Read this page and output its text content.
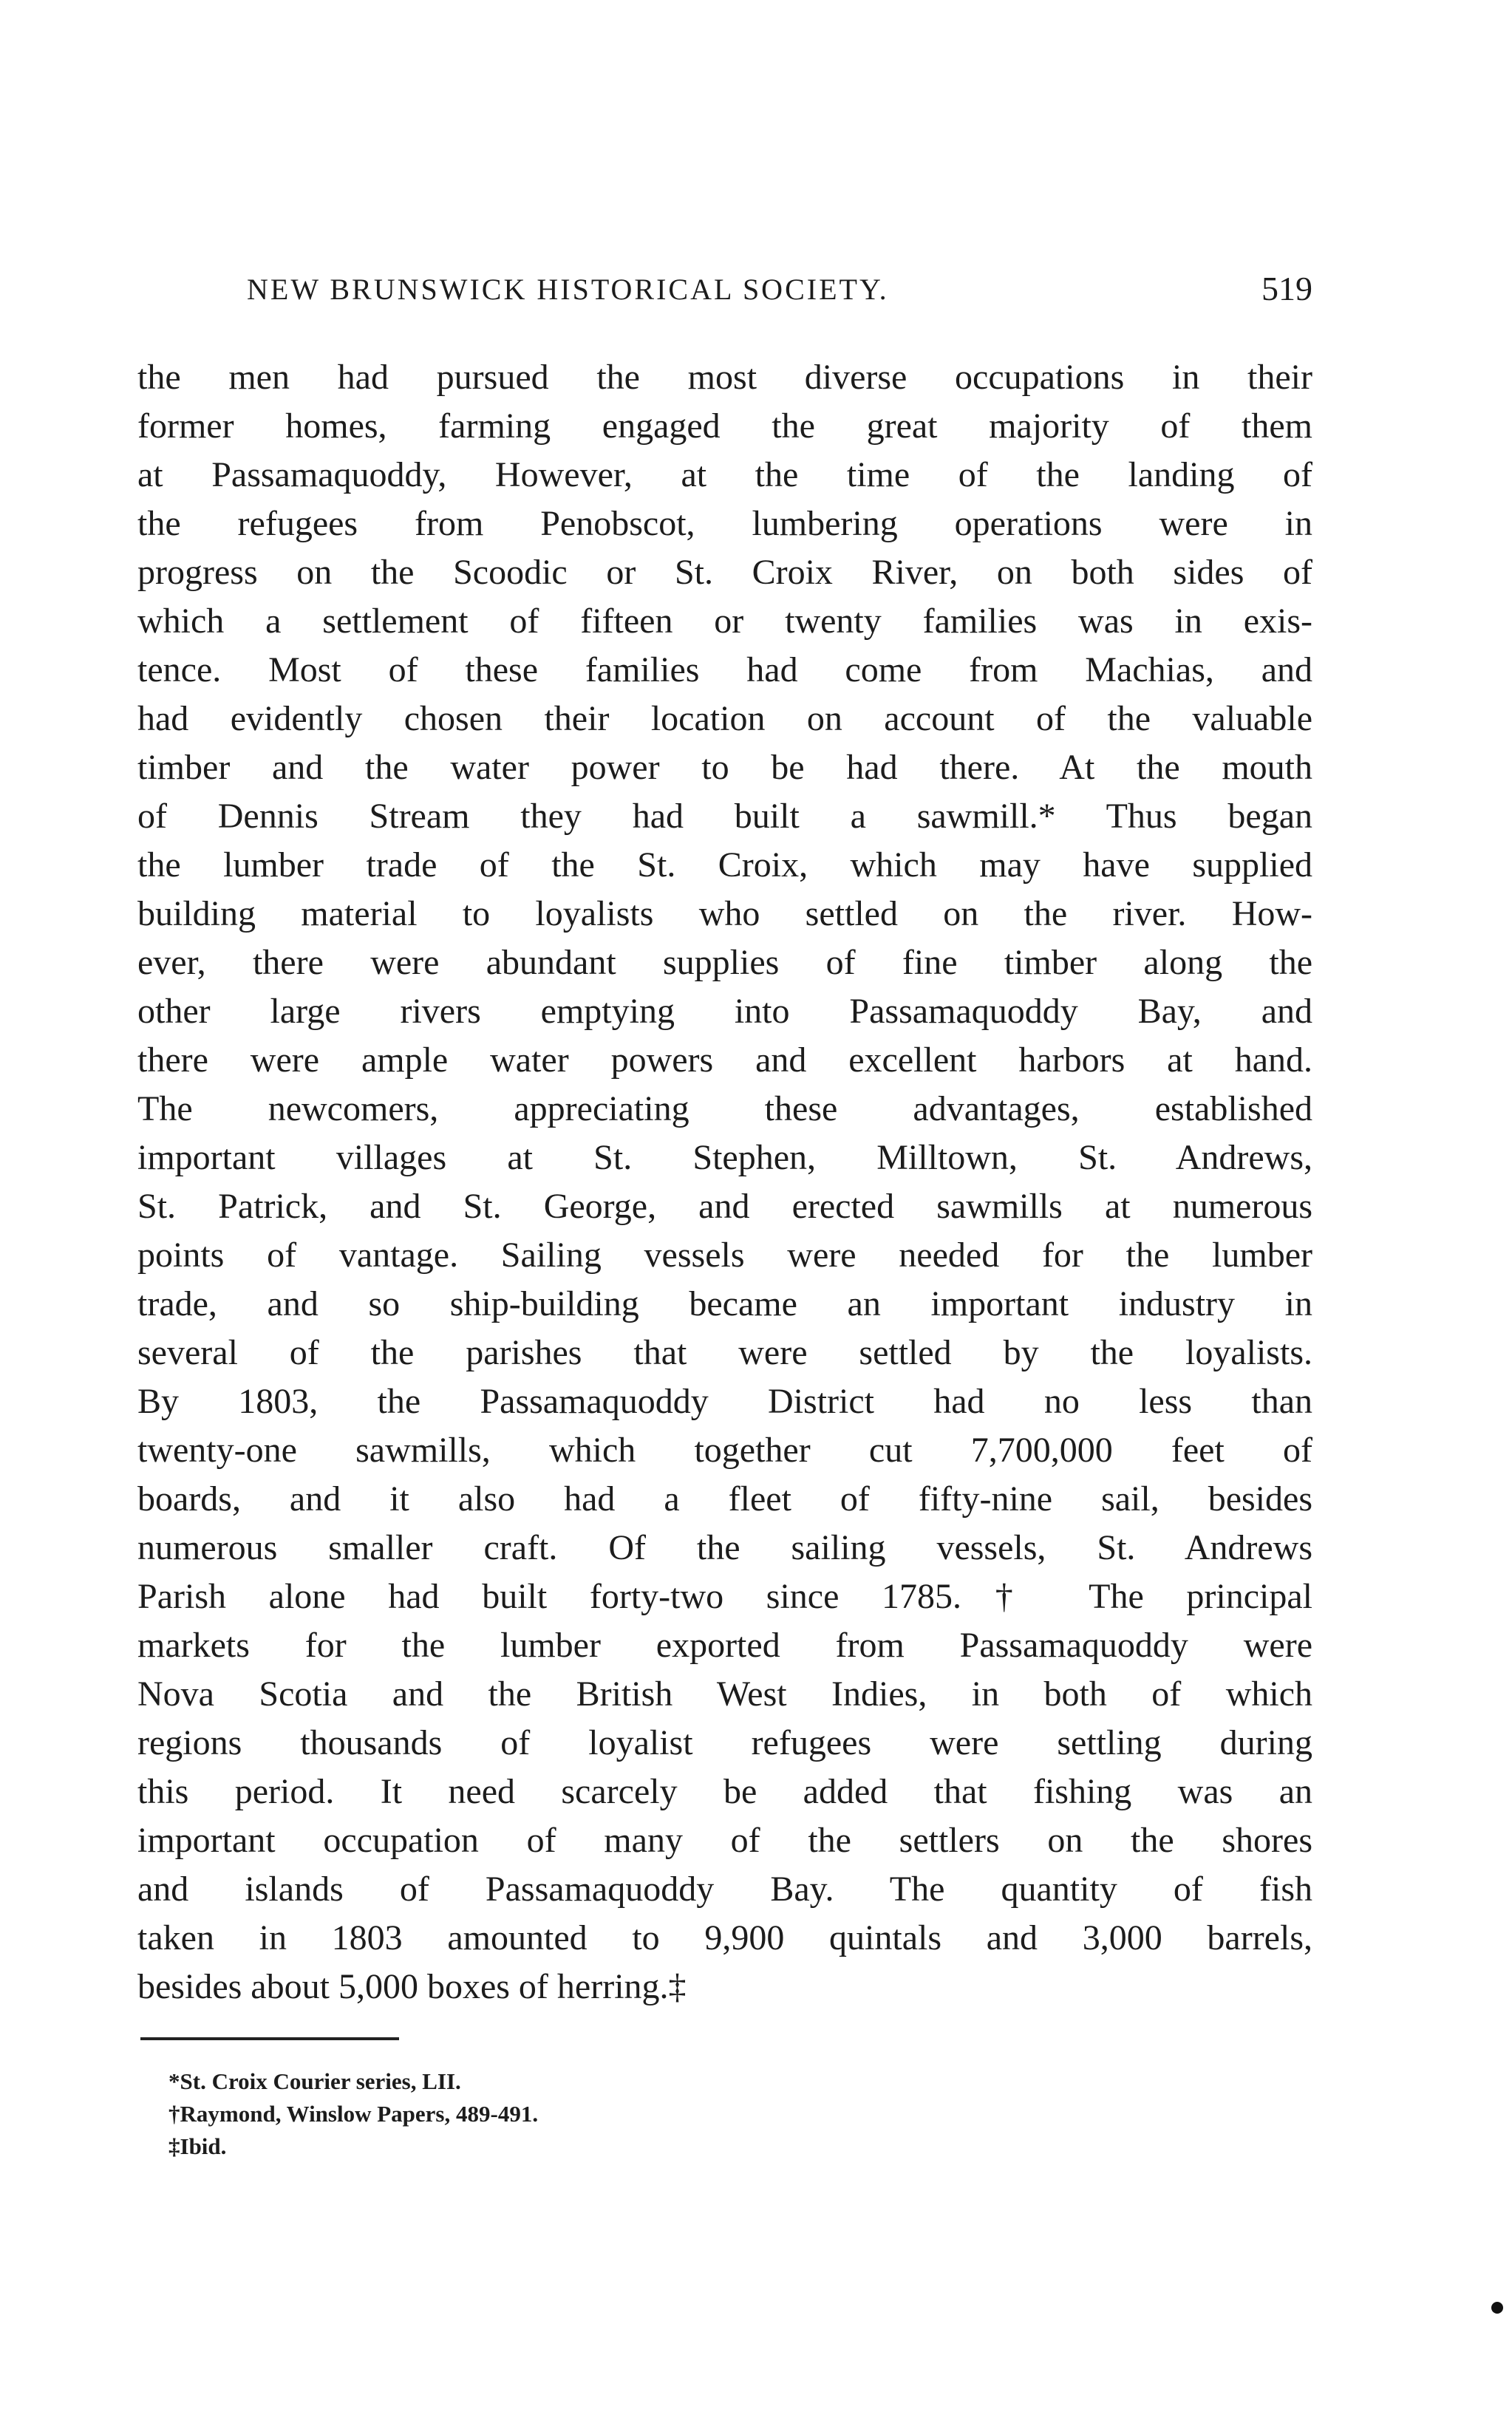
NEW BRUNSWICK HISTORICAL SOCIETY.	519
the men had pursued the most diverse occupations in their
former homes, farming engaged the great majority of them
at Passamaquoddy, However, at the time of the landing of
the refugees from Penobscot, lumbering operations were in
progress on the Scoodic or St. Croix River, on both sides of
which a settlement of fifteen or twenty families was in exis-
tence. Most of these families had come from Machias, and
had evidently chosen their location on account of the valuable
timber and the water power to be had there. At the mouth
of Dennis Stream they had built a sawmill.* Thus began
the lumber trade of the St. Croix, which may have supplied
building material to loyalists who settled on the river. How-
ever, there were abundant supplies of fine timber along the
other large rivers emptying into Passamaquoddy Bay, and
there were ample water powers and excellent harbors at hand.
The newcomers, appreciating these advantages, established
important villages at St. Stephen, Milltown, St. Andrews,
St. Patrick, and St. George, and erected sawmills at numerous
points of vantage. Sailing vessels were needed for the lumber
trade, and so ship-building became an important industry in
several of the parishes that were settled by the loyalists.
By 1803, the Passamaquoddy District had no less than
twenty-one sawmills, which together cut 7,700,000 feet of
boards, and it also had a fleet of fifty-nine sail, besides
numerous smaller craft. Of the sailing vessels, St. Andrews
Parish alone had built forty-two since 1785.† The principal
markets for the lumber exported from Passamaquoddy were
Nova Scotia and the British West Indies, in both of which
regions thousands of loyalist refugees were settling during
this period. It need scarcely be added that fishing was an
important occupation of many of the settlers on the shores
and islands of Passamaquoddy Bay. The quantity of fish
taken in 1803 amounted to 9,900 quintals and 3,000 barrels,
besides about 5,000 boxes of herring.‡
*St. Croix Courier series, LII.
†Raymond, Winslow Papers, 489-491.
‡Ibid.
